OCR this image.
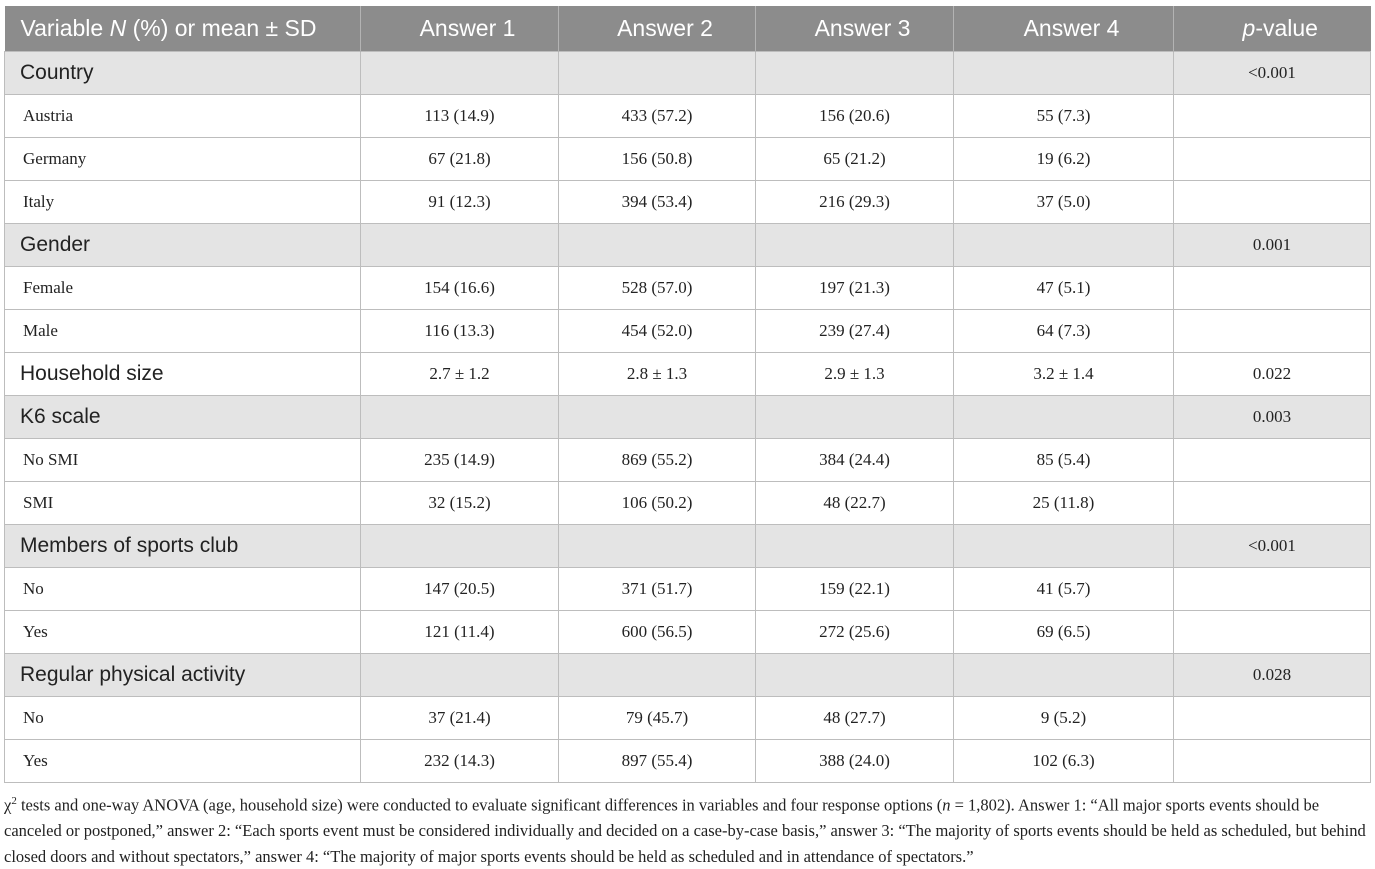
Variable N (%) or mean ± SD	Answer 1	Answer 2	Answer 3	Answer 4	p-value
Country					<0.001
Austria	113 (14.9)	433 (57.2)	156 (20.6)	55 (7.3)	
Germany	67 (21.8)	156 (50.8)	65 (21.2)	19 (6.2)	
Italy	91 (12.3)	394 (53.4)	216 (29.3)	37 (5.0)	
Gender					0.001
Female	154 (16.6)	528 (57.0)	197 (21.3)	47 (5.1)	
Male	116 (13.3)	454 (52.0)	239 (27.4)	64 (7.3)	
Household size	2.7 ± 1.2	2.8 ± 1.3	2.9 ± 1.3	3.2 ± 1.4	0.022
K6 scale					0.003
No SMI	235 (14.9)	869 (55.2)	384 (24.4)	85 (5.4)	
SMI	32 (15.2)	106 (50.2)	48 (22.7)	25 (11.8)	
Members of sports club					<0.001
No	147 (20.5)	371 (51.7)	159 (22.1)	41 (5.7)	
Yes	121 (11.4)	600 (56.5)	272 (25.6)	69 (6.5)	
Regular physical activity					0.028
No	37 (21.4)	79 (45.7)	48 (27.7)	9 (5.2)	
Yes	232 (14.3)	897 (55.4)	388 (24.0)	102 (6.3)	

$\chi^2$ tests and one-way ANOVA (age, household size) were conducted to evaluate significant differences in variables and four response options (n = 1,802). Answer 1: “All major sports events should be canceled or postponed,” answer 2: “Each sports event must be considered individually and decided on a case-by-case basis,” answer 3: “The majority of sports events should be held as scheduled, but behind closed doors and without spectators,” answer 4: “The majority of major sports events should be held as scheduled and in attendance of spectators.”
